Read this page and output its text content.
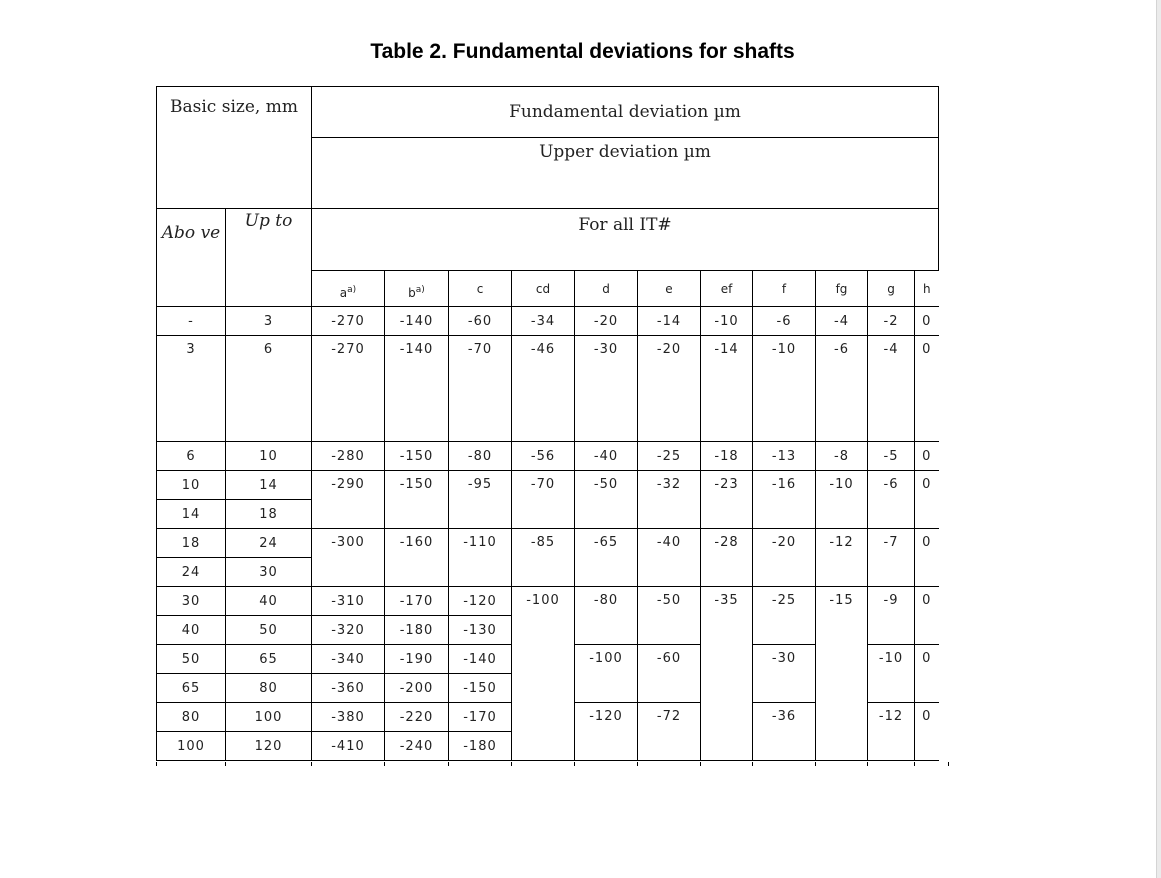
Table 2. Fundamental deviations for shafts
Basic size, mm		Fundamental deviation µm										
		Upper deviation µm										

Abo ve	Up to	For all IT#										
		$a^{a)}$	$b^{a)}$	c	cd	d	e	ef	f	fg	g	h
-	3	-270	-140	-60	-34	-20	-14	-10	-6	-4	-2	0
3	6	-270	-140	-70	-46	-30	-20	-14	-10	-6	-4	0
6	10	-280	-150	-80	-56	-40	-25	-18	-13	-8	-5	0
10	14	-290	-150	-95	-70	-50	-32	-23	-16	-10	-6	0
14	18											
18	24	-300	-160	-110	-85	-65	-40	-28	-20	-12	-7	0
24	30											
30	40	-310	-170	-120	-100	-80	-50	-35	-25	-15	-9	0
40	50	-320	-180	-130								
50	65	-340	-190	-140		-100	-60		-30		-10	0
65	80	-360	-200	-150								
80	100	-380	-220	-170		-120	-72		-36		-12	0
100	120	-410	-240	-180								
